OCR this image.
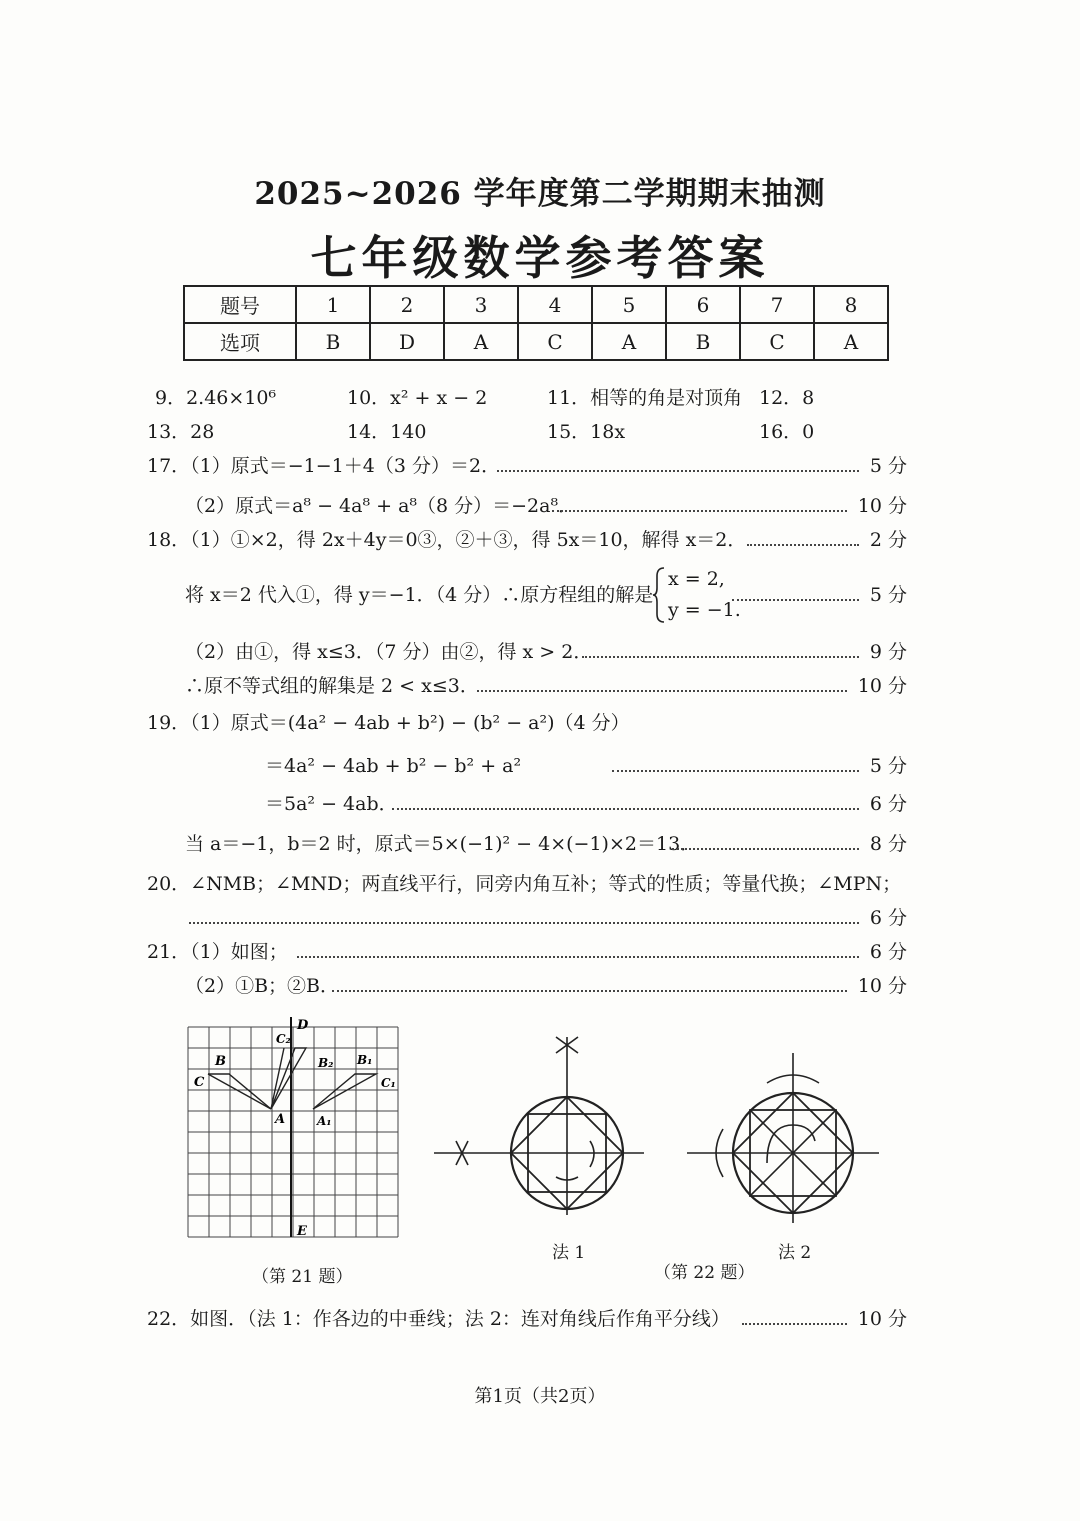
2025~2026 学年度第二学期期末抽测
七年级数学参考答案
题号	1	2	3	4	5	6	7	8
选项	B	D	A	C	A	B	C	A
9．2.46×10⁶	10．x² + x − 2	11．相等的角是对顶角 12．8
13．28	14．140	15．18x	16．0
17．（1）原式＝−1−1＋4（3 分）＝2．	5 分
（2）原式＝a⁸ − 4a⁸ + a⁸（8 分）＝−2a⁸．	10 分
18．（1）①×2，得 2x＋4y＝0③，②＋③，得 5x＝10，解得 x＝2．	2 分
将 x＝2 代入①，得 y＝−1．（4 分）∴原方程组的解是	5 分
x = 2,
y = −1.
（2）由①，得 x≤3．（7 分）由②，得 x > 2．	9 分
∴原不等式组的解集是 2 < x≤3．	10 分
19．（1）原式＝(4a² − 4ab + b²) − (b² − a²)（4 分）
＝4a² − 4ab + b² − b² + a²	5 分
＝5a² − 4ab．	6 分
当 a＝−1，b＝2 时，原式＝5×(−1)² − 4×(−1)×2＝13．	8 分
20．∠NMB；∠MND；两直线平行，同旁内角互补；等式的性质；等量代换；∠MPN；
6 分
21．（1）如图；	6 分
（2）①B；②B．	10 分
D
E
B
C
A
C₂
B₂ B₁
C₁
A₁
（第 21 题）
法 1	法 2
（第 22 题）
22．如图．（法 1：作各边的中垂线；法 2：连对角线后作角平分线）	10 分
第1页（共2页）
